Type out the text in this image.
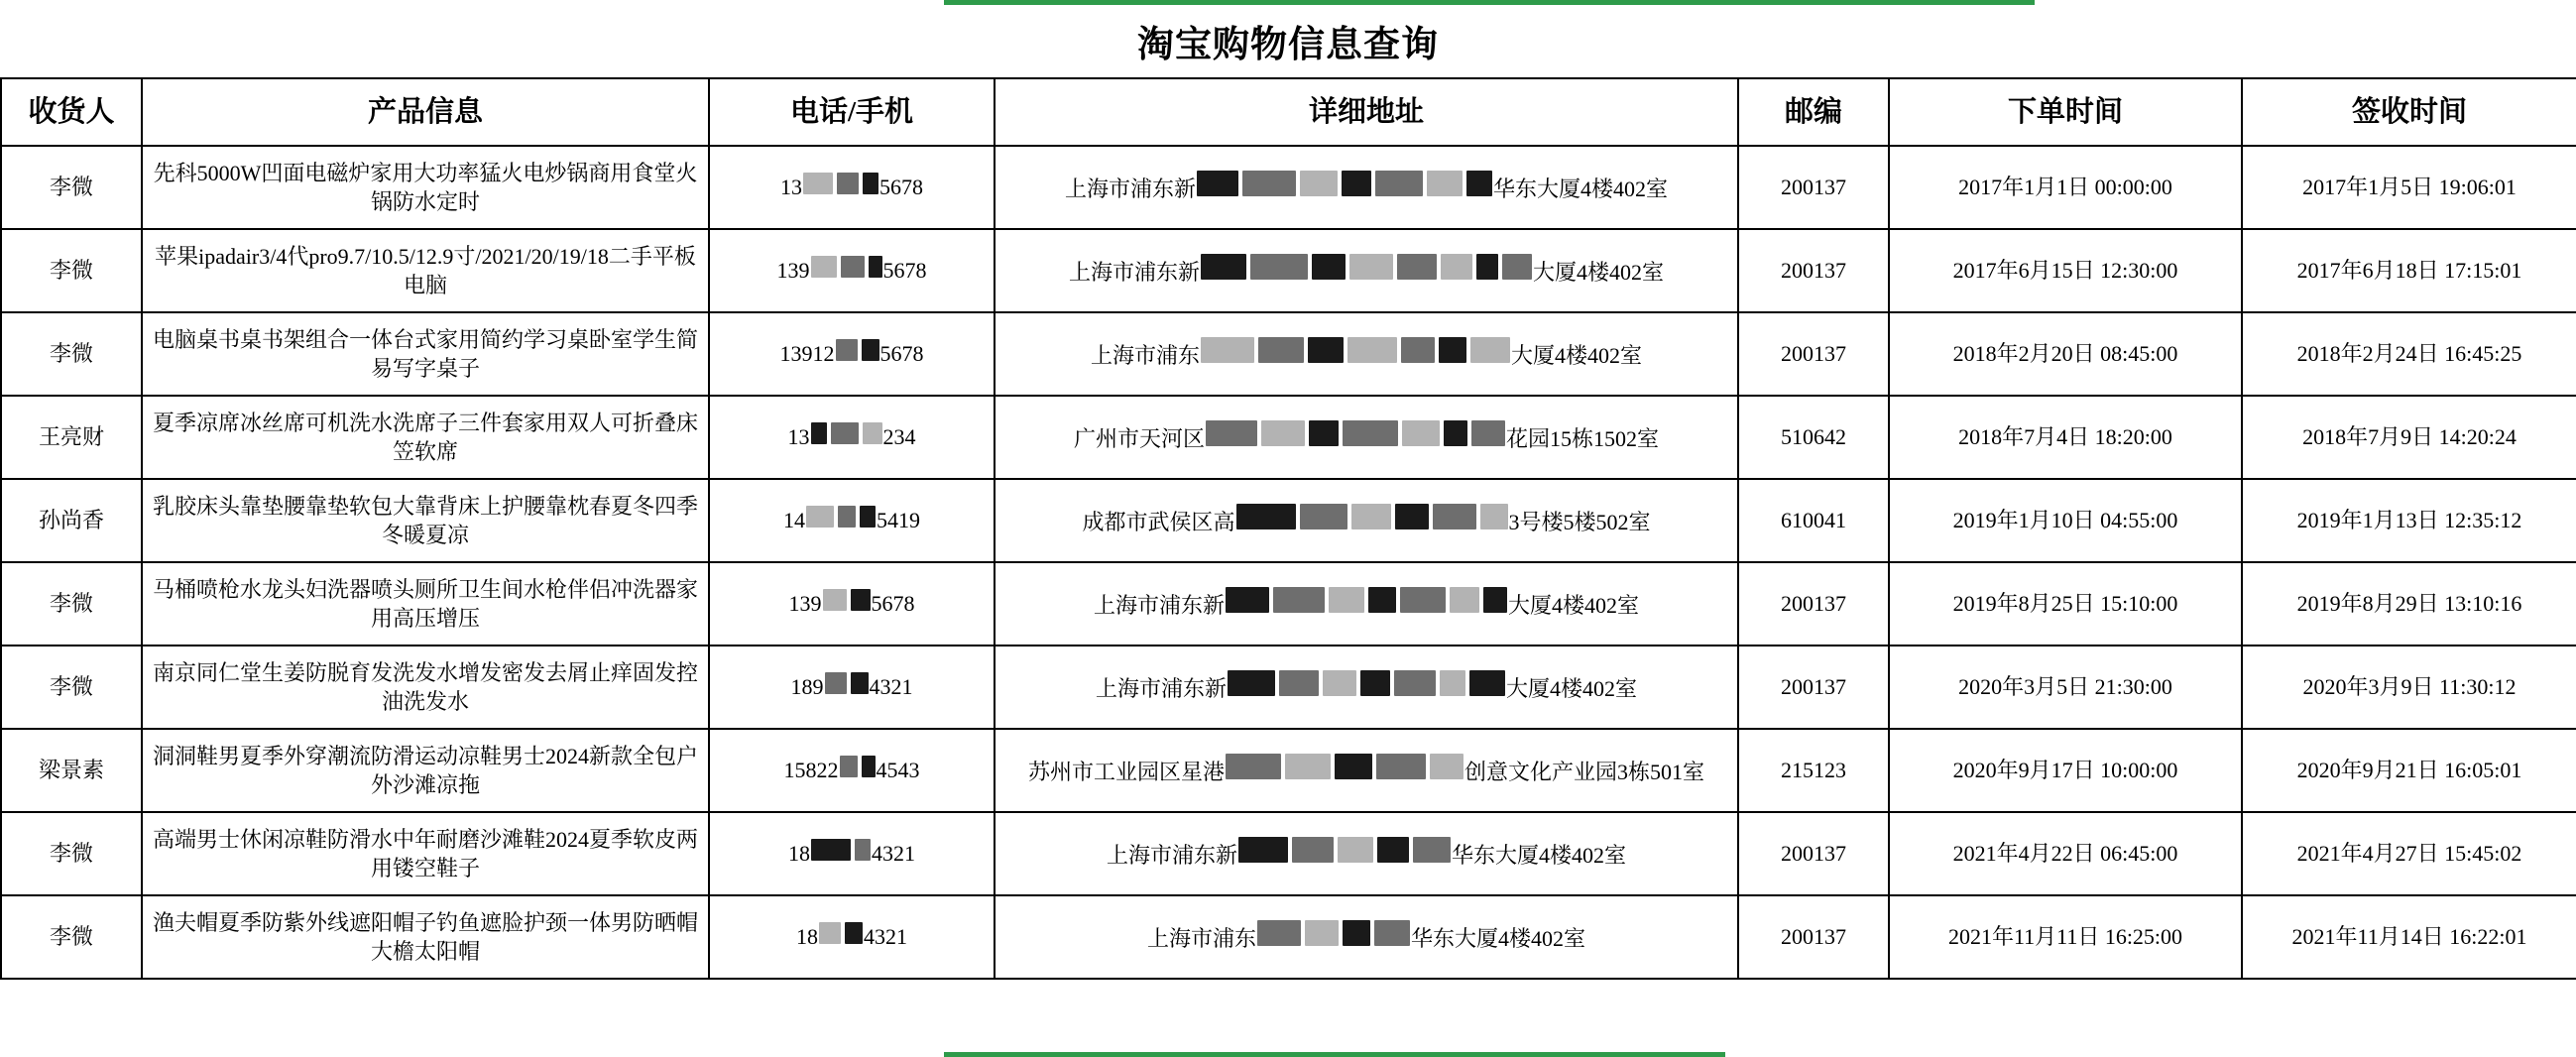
淘宝购物信息查询
收货人	产品信息	电话/手机	详细地址	邮编	下单时间	签收时间
李微	先科5000W凹面电磁炉家用大功率猛火电炒锅商用食堂火锅防水定时	13 5678	上海市浦东新 华东大厦4楼402室	200137	2017年1月1日 00:00:00	2017年1月5日 19:06:01
李微	苹果ipadair3/4代pro9.7/10.5/12.9寸/2021/20/19/18二手平板电脑	139 5678	上海市浦东新 大厦4楼402室	200137	2017年6月15日 12:30:00	2017年6月18日 17:15:01
李微	电脑桌书桌书架组合一体台式家用简约学习桌卧室学生简易写字桌子	13912 5678	上海市浦东 大厦4楼402室	200137	2018年2月20日 08:45:00	2018年2月24日 16:45:25
王亮财	夏季凉席冰丝席可机洗水洗席子三件套家用双人可折叠床笠软席	13 234	广州市天河区 花园15栋1502室	510642	2018年7月4日 18:20:00	2018年7月9日 14:20:24
孙尚香	乳胶床头靠垫腰靠垫软包大靠背床上护腰靠枕春夏冬四季冬暖夏凉	14 5419	成都市武侯区高 3号楼5楼502室	610041	2019年1月10日 04:55:00	2019年1月13日 12:35:12
李微	马桶喷枪水龙头妇洗器喷头厕所卫生间水枪伴侣冲洗器家用高压增压	139 5678	上海市浦东新 大厦4楼402室	200137	2019年8月25日 15:10:00	2019年8月29日 13:10:16
李微	南京同仁堂生姜防脱育发洗发水增发密发去屑止痒固发控油洗发水	189 4321	上海市浦东新 大厦4楼402室	200137	2020年3月5日 21:30:00	2020年3月9日 11:30:12
梁景素	洞洞鞋男夏季外穿潮流防滑运动凉鞋男士2024新款全包户外沙滩凉拖	15822 4543	苏州市工业园区星港 创意文化产业园3栋501室	215123	2020年9月17日 10:00:00	2020年9月21日 16:05:01
李微	高端男士休闲凉鞋防滑水中年耐磨沙滩鞋2024夏季软皮两用镂空鞋子	18 4321	上海市浦东新 华东大厦4楼402室	200137	2021年4月22日 06:45:00	2021年4月27日 15:45:02
李微	渔夫帽夏季防紫外线遮阳帽子钓鱼遮脸护颈一体男防晒帽大檐太阳帽	18 4321	上海市浦东 华东大厦4楼402室	200137	2021年11月11日 16:25:00	2021年11月14日 16:22:01
